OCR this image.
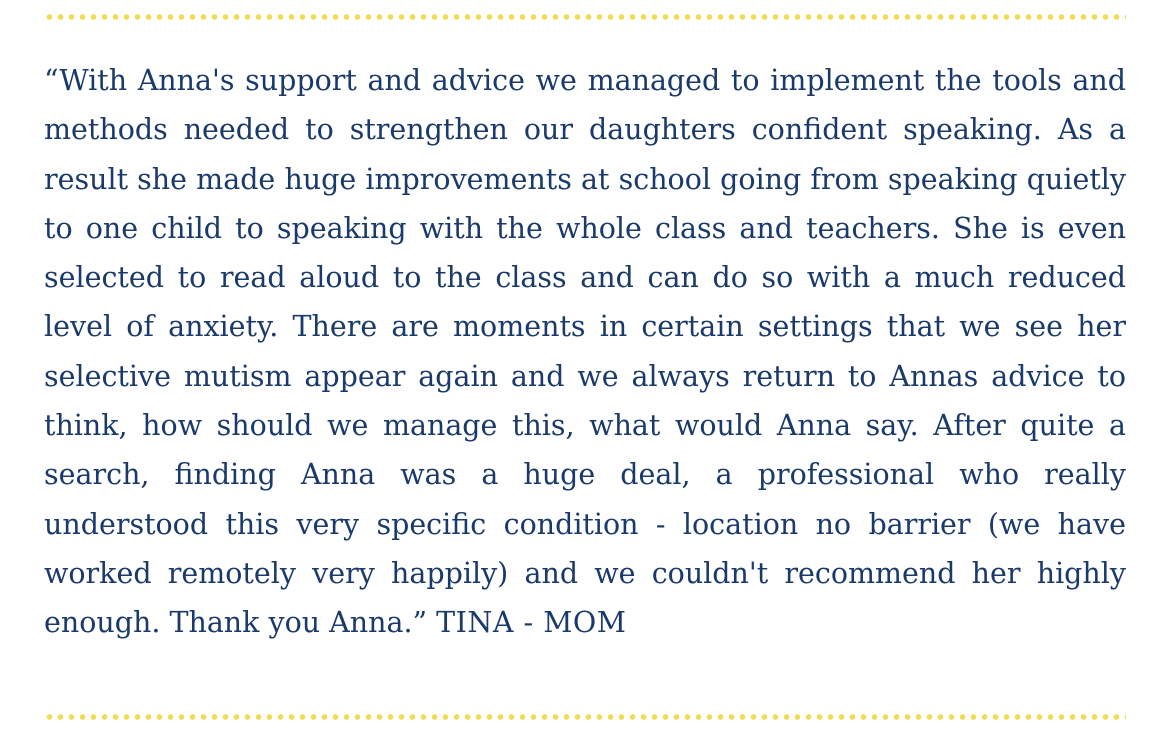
“With Anna's support and advice we managed to implement the tools and methods needed to strengthen our daughters confident speaking. As a result she made huge improvements at school going from speaking quietly to one child to speaking with the whole class and teachers. She is even selected to read aloud to the class and can do so with a much reduced level of anxiety. There are moments in certain settings that we see her selective mutism appear again and we always return to Annas advice to think, how should we manage this, what would Anna say. After quite a search, finding Anna was a huge deal, a professional who really understood this very specific condition - location no barrier (we have worked remotely very happily) and we couldn't recommend her highly enough. Thank you Anna.” TINA - MOM
